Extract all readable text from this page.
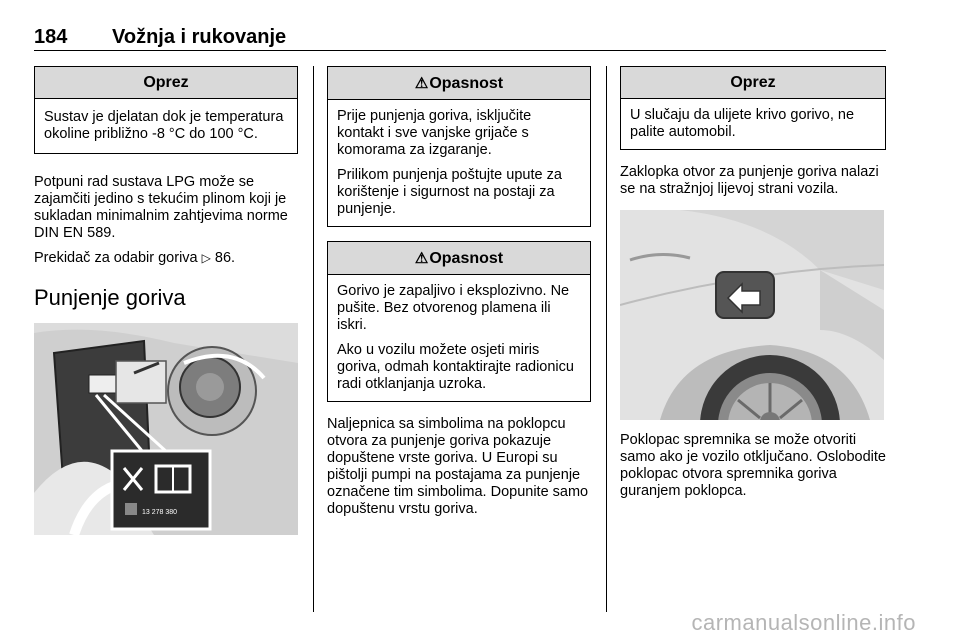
184 Vožnja i rukovanje
Oprez
Sustav je djelatan dok je temperatura okoline približno -8 °C do 100 °C.

Potpuni rad sustava LPG može se zajamčiti jedino s tekućim plinom koji je sukladan minimalnim zahtjevima norme DIN EN 589.

Prekidač za odabir goriva ▷ 86.

Punjenje goriva
13 278 380
⚠Opasnost

Prije punjenja goriva, isključite kontakt i sve vanjske grijače s komorama za izgaranje.

Prilikom punjenja poštujte upute za korištenje i sigurnost na postaji za punjenje.

⚠Opasnost

Gorivo je zapaljivo i eksplozivno. Ne pušite. Bez otvorenog plamena ili iskri.

Ako u vozilu možete osjeti miris goriva, odmah kontaktirajte radionicu radi otklanjanja uzroka.

Naljepnica sa simbolima na poklopcu otvora za punjenje goriva pokazuje dopuštene vrste goriva. U Europi su pištolji pumpi na postajama za punjenje označene tim simbolima. Dopunite samo dopuštenu vrstu goriva.

Oprez
U slučaju da ulijete krivo gorivo, ne palite automobil.

Zaklopka otvor za punjenje goriva nalazi se na stražnjoj lijevoj strani vozila.

Poklopac spremnika se može otvoriti samo ako je vozilo otključano. Oslobodite poklopac otvora spremnika goriva guranjem poklopca.

carmanualsonline.info
